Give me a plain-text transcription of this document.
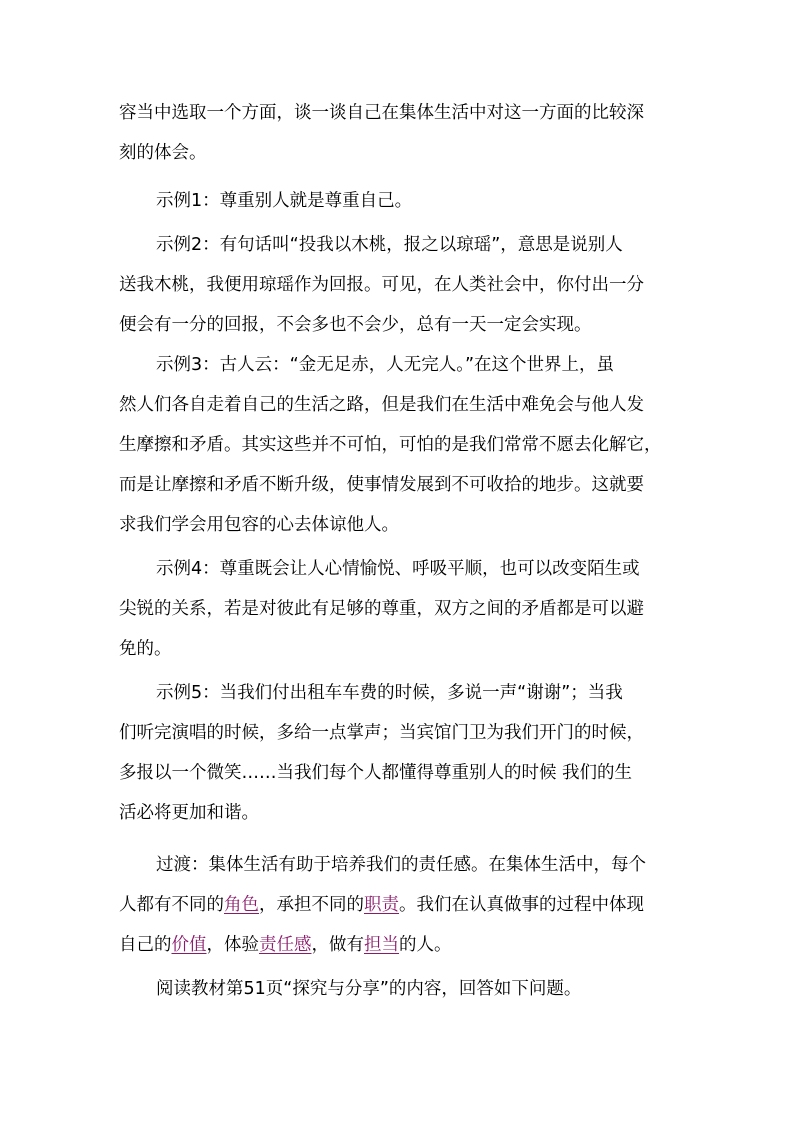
容当中选取一个方面，谈一谈自己在集体生活中对这一方面的比较深
刻的体会。

示例1：尊重别人就是尊重自己。

示例2：有句话叫“投我以木桃，报之以琼瑶”，意思是说别人
送我木桃，我便用琼瑶作为回报。可见，在人类社会中，你付出一分
便会有一分的回报，不会多也不会少，总有一天一定会实现。

示例3：古人云：“金无足赤，人无完人。”在这个世界上，虽
然人们各自走着自己的生活之路，但是我们在生活中难免会与他人发
生摩擦和矛盾。其实这些并不可怕，可怕的是我们常常不愿去化解它，
而是让摩擦和矛盾不断升级，使事情发展到不可收拾的地步。这就要
求我们学会用包容的心去体谅他人。

示例4：尊重既会让人心情愉悦、呼吸平顺，也可以改变陌生或
尖锐的关系，若是对彼此有足够的尊重，双方之间的矛盾都是可以避
免的。

示例5：当我们付出租车车费的时候，多说一声“谢谢”；当我
们听完演唱的时候，多给一点掌声；当宾馆门卫为我们开门的时候，
多报以一个微笑……当我们每个人都懂得尊重别人的时候 我们的生
活必将更加和谐。

过渡：集体生活有助于培养我们的责任感。在集体生活中，每个
人都有不同的角色，承担不同的职责。我们在认真做事的过程中体现
自己的价值，体验责任感，做有担当的人。

阅读教材第51页“探究与分享”的内容，回答如下问题。
